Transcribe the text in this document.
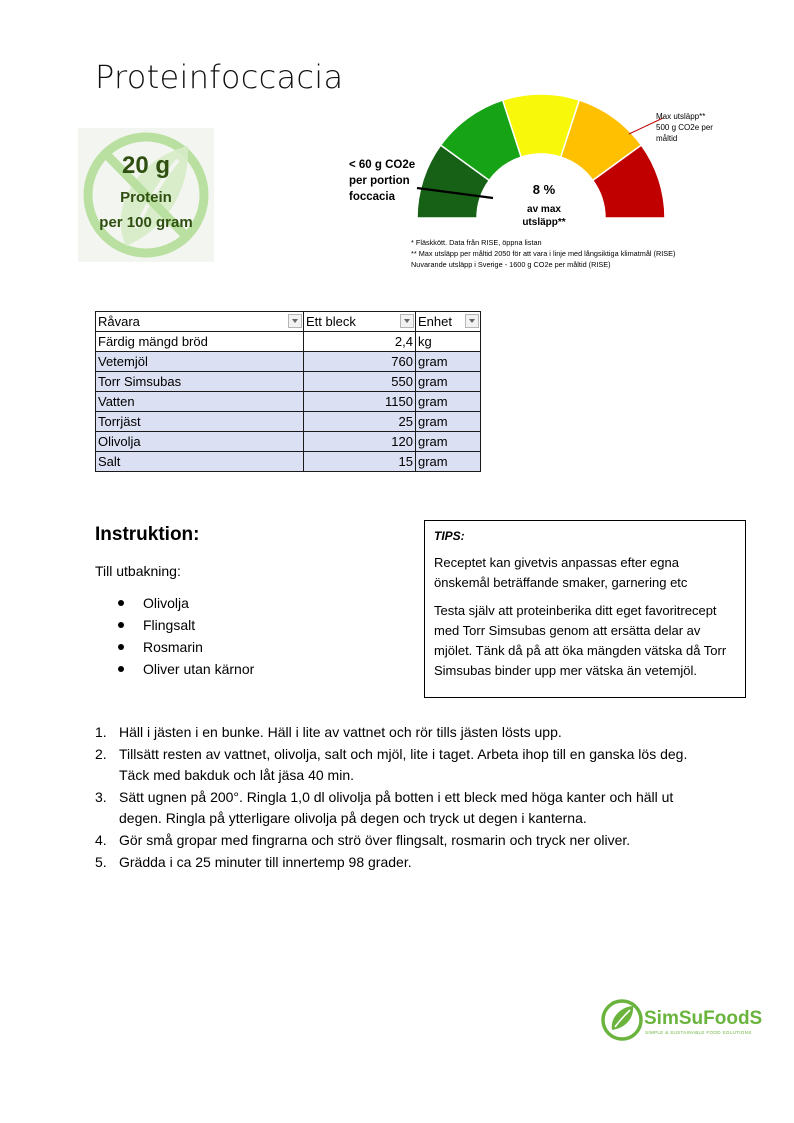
Proteinfoccacia
20 g
Protein
per 100 gram
< 60 g CO2e
per portion
foccacia	8 %
av max
utsläpp**
Max utsläpp**
500 g CO2e per
måltid
* Fläskkött. Data från RISE, öppna listan
** Max utsläpp per måltid 2050 för att vara i linje med långsiktiga klimatmål (RISE)
Nuvarande utsläpp i Sverige - 1600 g CO2e per måltid (RISE)
Råvara	Ett bleck	Enhet

Färdig mängd bröd	2,4	kg
Vetemjöl	760	gram
Torr Simsubas	550	gram
Vatten	1150	gram
Torrjäst	25	gram
Olivolja	120	gram
Salt	15	gram
Instruktion:
Till utbakning:
Olivolja
Flingsalt
Rosmarin
Oliver utan kärnor
TIPS:

Receptet kan givetvis anpassas efter egna önskemål beträffande smaker, garnering etc

Testa själv att proteinberika ditt eget favoritrecept med Torr Simsubas genom att ersätta delar av mjölet. Tänk då på att öka mängden vätska då Torr Simsubas binder upp mer vätska än vetemjöl.

1. Häll i jästen i en bunke. Häll i lite av vattnet och rör tills jästen lösts upp.
2. Tillsätt resten av vattnet, olivolja, salt och mjöl, lite i taget. Arbeta ihop till en ganska lös deg. Täck med bakduk och låt jäsa 40 min.
3. Sätt ugnen på 200°. Ringla 1,0 dl olivolja på botten i ett bleck med höga kanter och häll ut degen. Ringla på ytterligare olivolja på degen och tryck ut degen i kanterna.
4. Gör små gropar med fingrarna och strö över flingsalt, rosmarin och tryck ner oliver.
5. Grädda i ca 25 minuter till innertemp 98 grader.
SimSuFoodS
SIMPLE & SUSTAINABLE FOOD SOLUTIONS
